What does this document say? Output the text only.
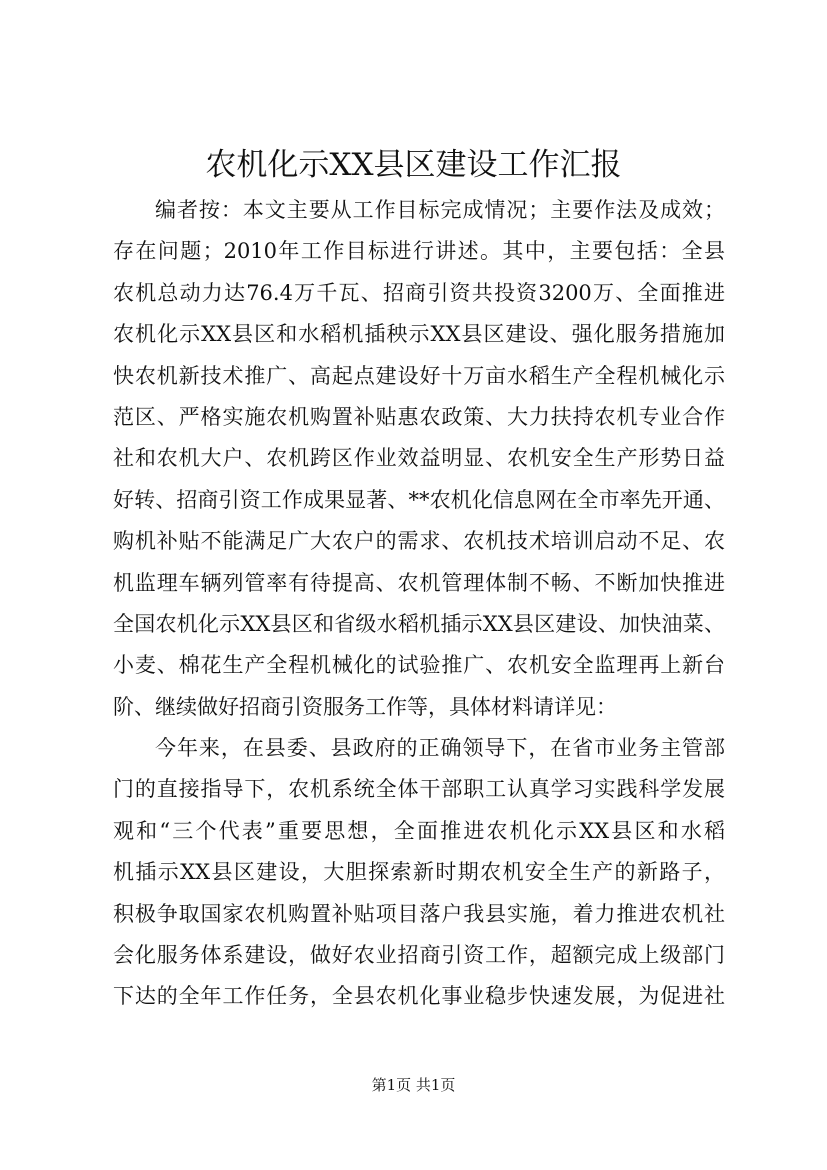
农机化示XX县区建设工作汇报
编者按：本文主要从工作目标完成情况；主要作法及成效；
存在问题；2010年工作目标进行讲述。其中，主要包括：全县
农机总动力达76.4万千瓦、招商引资共投资3200万、全面推进
农机化示XX县区和水稻机插秧示XX县区建设、强化服务措施加
快农机新技术推广、高起点建设好十万亩水稻生产全程机械化示
范区、严格实施农机购置补贴惠农政策、大力扶持农机专业合作
社和农机大户、农机跨区作业效益明显、农机安全生产形势日益
好转、招商引资工作成果显著、**农机化信息网在全市率先开通、
购机补贴不能满足广大农户的需求、农机技术培训启动不足、农
机监理车辆列管率有待提高、农机管理体制不畅、不断加快推进
全国农机化示XX县区和省级水稻机插示XX县区建设、加快油菜、
小麦、棉花生产全程机械化的试验推广、农机安全监理再上新台
阶、继续做好招商引资服务工作等，具体材料请详见：
今年来，在县委、县政府的正确领导下，在省市业务主管部
门的直接指导下，农机系统全体干部职工认真学习实践科学发展
观和“三个代表”重要思想，全面推进农机化示XX县区和水稻
机插示XX县区建设，大胆探索新时期农机安全生产的新路子，
积极争取国家农机购置补贴项目落户我县实施，着力推进农机社
会化服务体系建设，做好农业招商引资工作，超额完成上级部门
下达的全年工作任务，全县农机化事业稳步快速发展，为促进社
第1页 共1页
